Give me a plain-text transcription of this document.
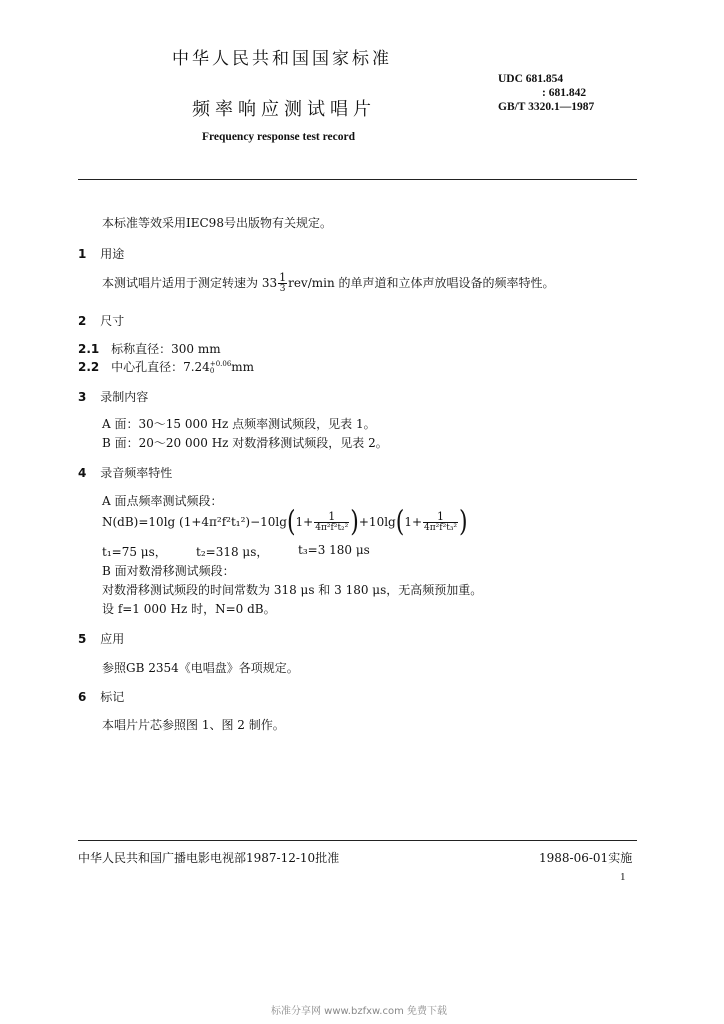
中华人民共和国国家标准
频率响应测试唱片
Frequency response test record
UDC 681.854
: 681.842
GB/T 3320.1—1987
本标准等效采用IEC98号出版物有关规定。
1 用途
本测试唱片适用于测定转速为 $33 \frac{1}{3} rev/\min$ 的单声道和立体声放唱设备的频率特性。
2 尺寸
2.1 标称直径：300 mm
2.2 中心孔直径：7.24 +0.06
0	mm
3 录制内容
A 面：30～15 000 Hz 点频率测试频段，见表 1。
B 面：20～20 000 Hz 对数滑移测试频段，见表 2。
4 录音频率特性
A 面点频率测试频段：
N(dB)=10lg $(1+4\pi^2f^2t_1^2)-10\lg(1+ \frac{1}{\text{4π²f²t₂²}} )+10\lg(1+ \frac{1}{\text{4π²f²t₃²}}$ )
t₁=75 μs， t₂=318 μs， t₃=3 180 μs
B 面对数滑移测试频段：
对数滑移测试频段的时间常数为 318 μs 和 3 180 μs，无高频预加重。
设 f=1 000 Hz 时，N=0 dB。
5 应用
参照GB 2354《电唱盘》各项规定。
6 标记
本唱片片芯参照图 1、图 2 制作。
中华人民共和国广播电影电视部1987-12-10批准	1988-06-01实施
1
标准分享网 www.bzfxw.com 免费下载
